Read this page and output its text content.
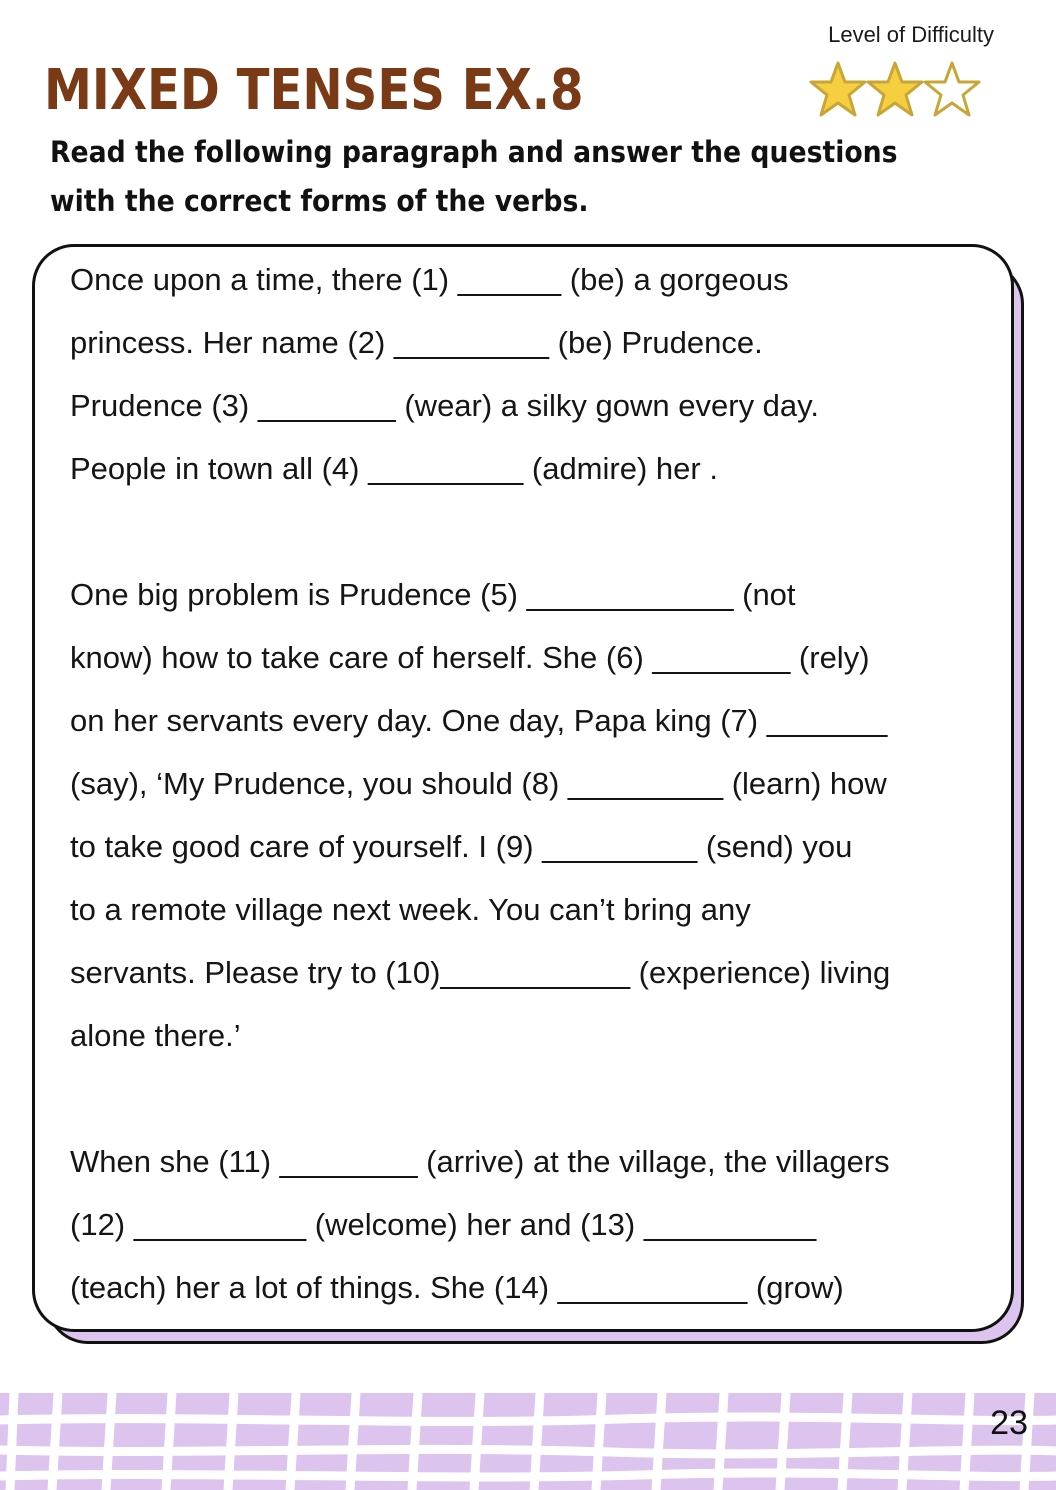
Level of Difficulty
MIXED TENSES EX.8

Read the following paragraph and answer the questions with the correct forms of the verbs.

Once upon a time, there (1) ______ (be) a gorgeous

princess. Her name (2) _________ (be) Prudence.

Prudence (3) ________ (wear) a silky gown every day.

People in town all (4) _________ (admire) her .

One big problem is Prudence (5) ____________ (not

know) how to take care of herself. She (6) ________ (rely)

on her servants every day. One day, Papa king (7) _______

(say), ‘My Prudence, you should (8) _________ (learn) how

to take good care of yourself. I (9) _________ (send) you

to a remote village next week. You can’t bring any

servants. Please try to (10)___________ (experience) living

alone there.’

When she (11) ________ (arrive) at the village, the villagers

(12) __________ (welcome) her and (13) __________

(teach) her a lot of things. She (14) ___________ (grow)

23
